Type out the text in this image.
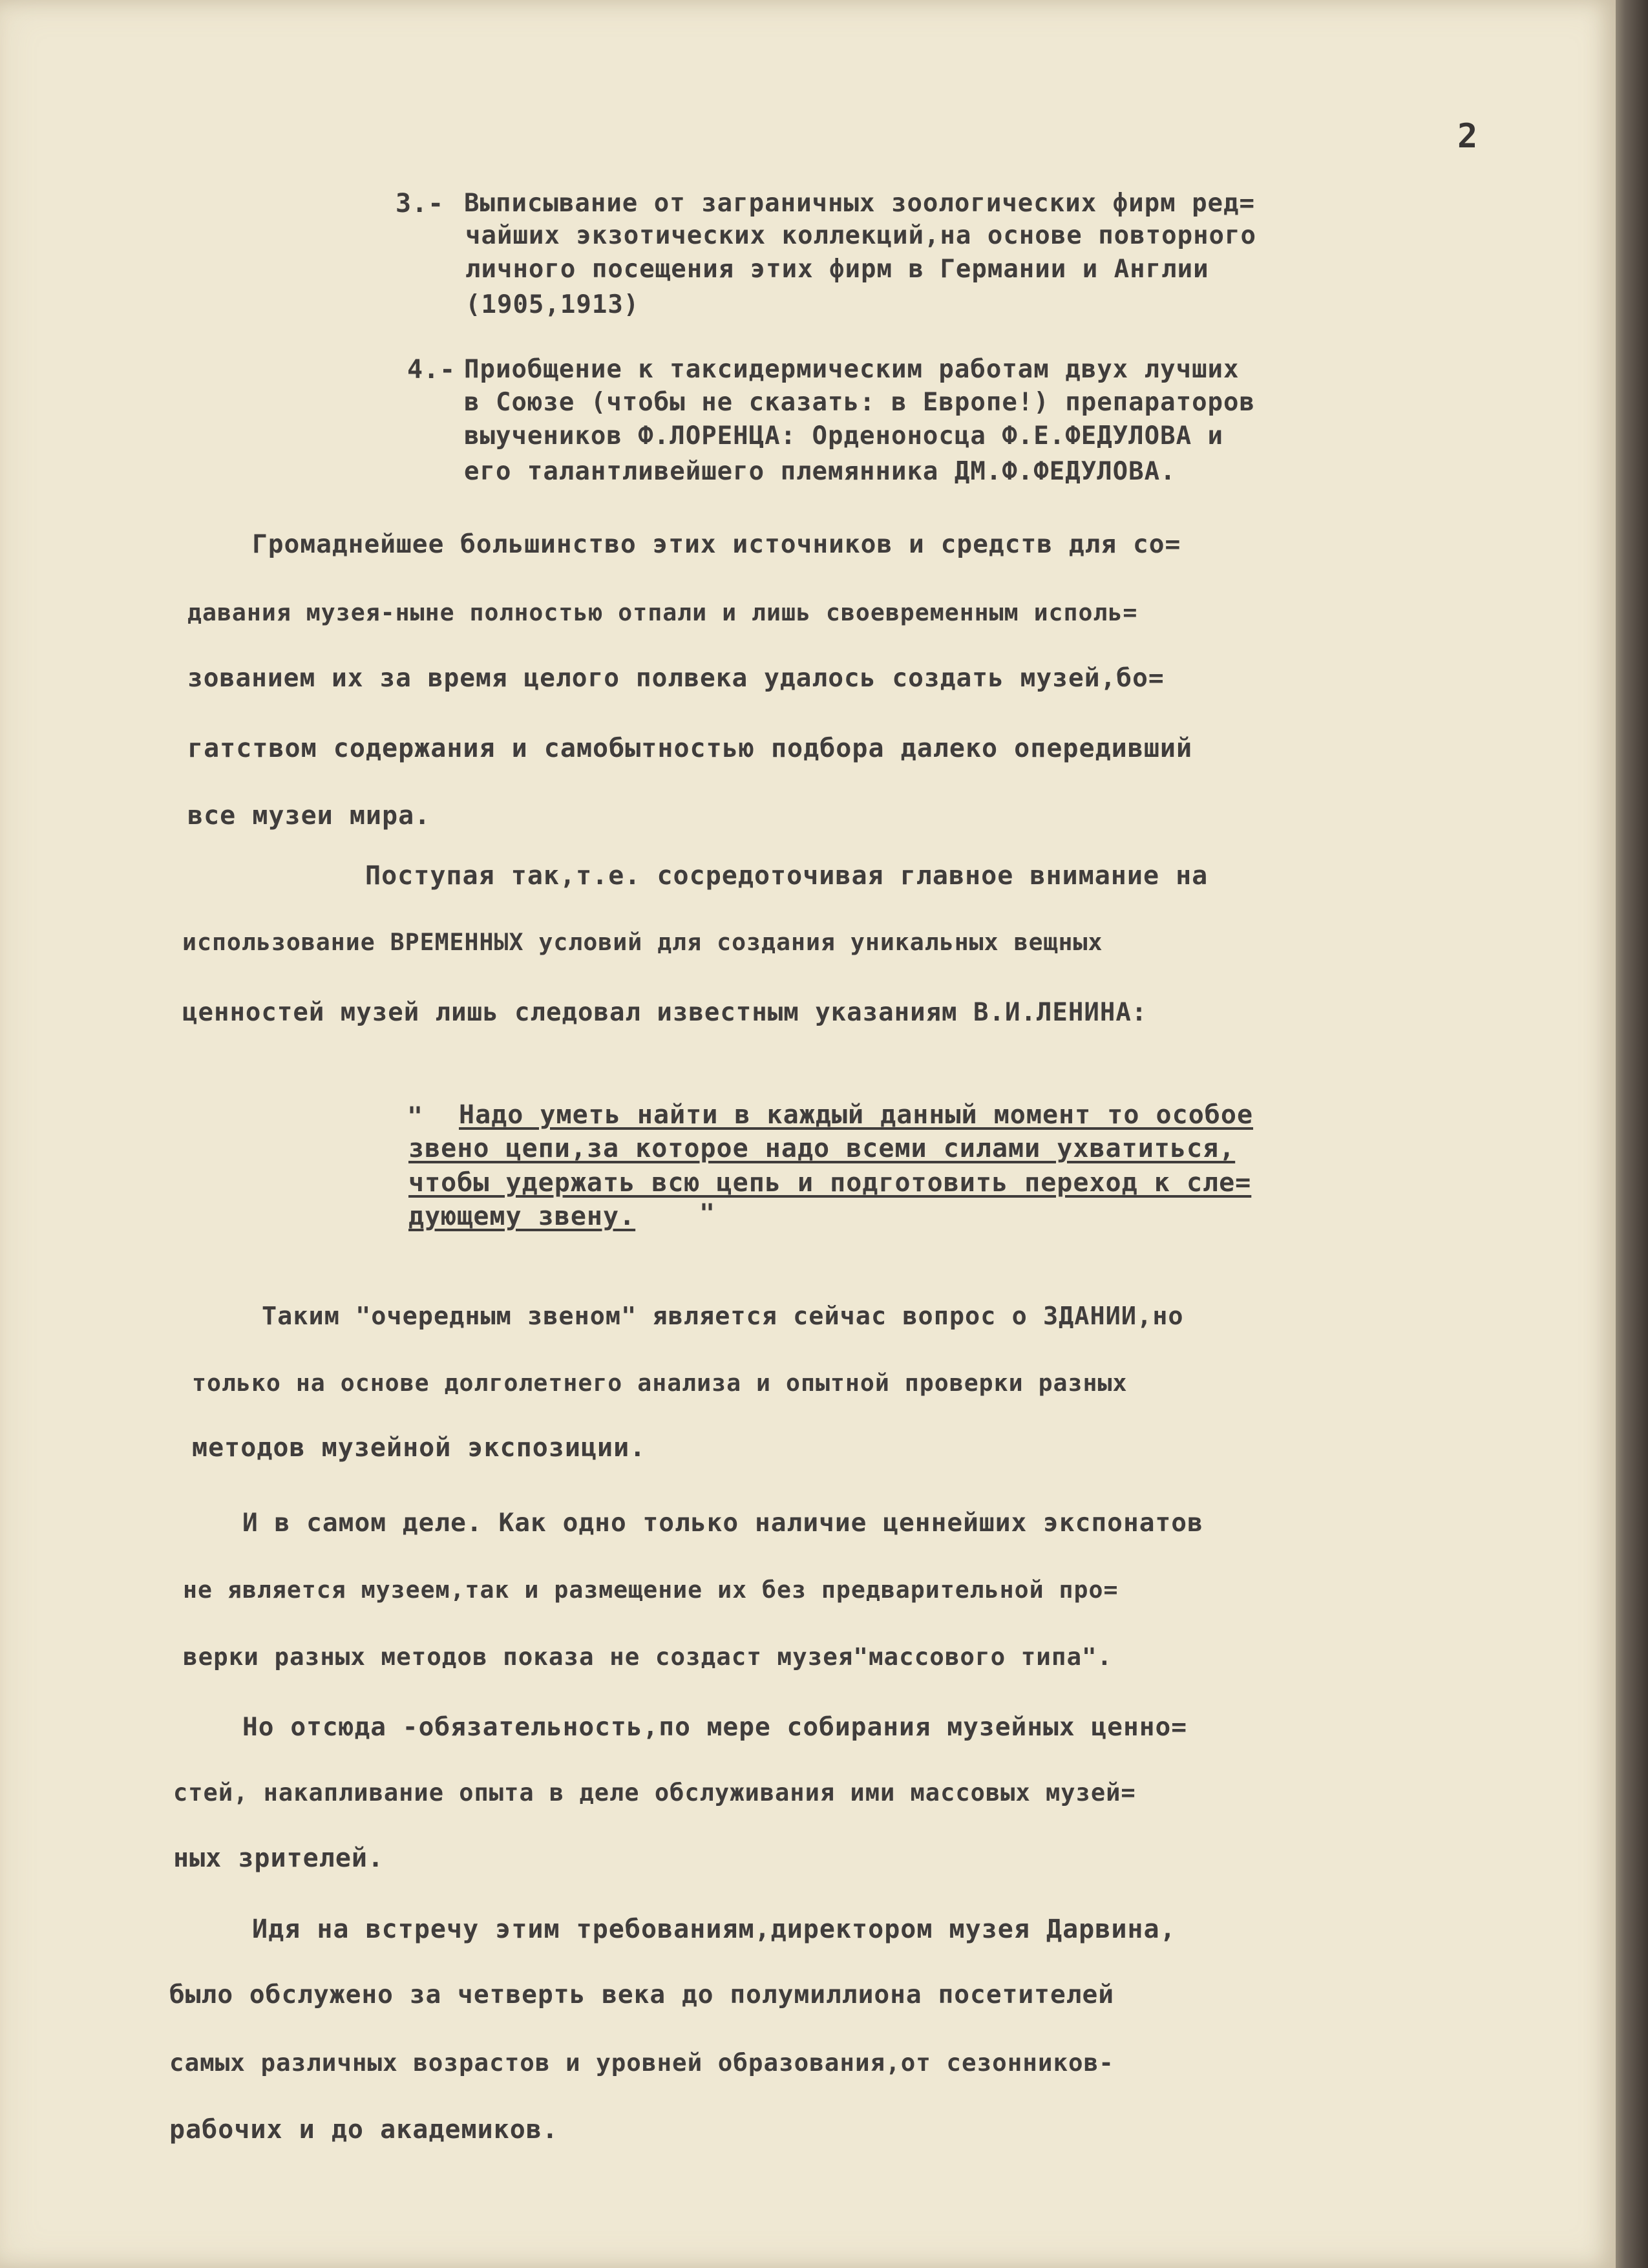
2
3.- Выписывание от заграничных зоологических фирм ред=
чайших экзотических коллекций,на основе повторного
личного посещения этих фирм в Германии и Англии
(1905,1913)
4.- Приобщение к таксидермическим работам двух лучших
в Союзе (чтобы не сказать: в Европе!) препараторов
выучеников Ф.ЛОРЕНЦА: Орденоносца Ф.Е.ФЕДУЛОВА и
его талантливейшего племянника ДМ.Ф.ФЕДУЛОВА.
Громаднейшее большинство этих источников и средств для со=
давания музея-ныне полностью отпали и лишь своевременным исполь=
зованием их за время целого полвека удалось создать музей,бо=
гатством содержания и самобытностью подбора далеко опередивший
все музеи мира.
Поступая так,т.е. сосредоточивая главное внимание на
использование ВРЕМЕННЫХ условий для создания уникальных вещных
ценностей музей лишь следовал известным указаниям В.И.ЛЕНИНА:
" Надо уметь найти в каждый данный момент то особое
звено цепи,за которое надо всеми силами ухватиться,
чтобы удержать всю цепь и подготовить переход к сле=
дующему звену. "
Таким "очередным звеном" является сейчас вопрос о ЗДАНИИ,но
только на основе долголетнего анализа и опытной проверки разных
методов музейной экспозиции.
И в самом деле. Как одно только наличие ценнейших экспонатов
не является музеем,так и размещение их без предварительной про=
верки разных методов показа не создаст музея"массового типа".
Но отсюда -обязательность,по мере собирания музейных ценно=
стей, накапливание опыта в деле обслуживания ими массовых музей=
ных зрителей.
Идя на встречу этим требованиям,директором музея Дарвина,
было обслужено за четверть века до полумиллиона посетителей
самых различных возрастов и уровней образования,от сезонников-
рабочих и до академиков.
